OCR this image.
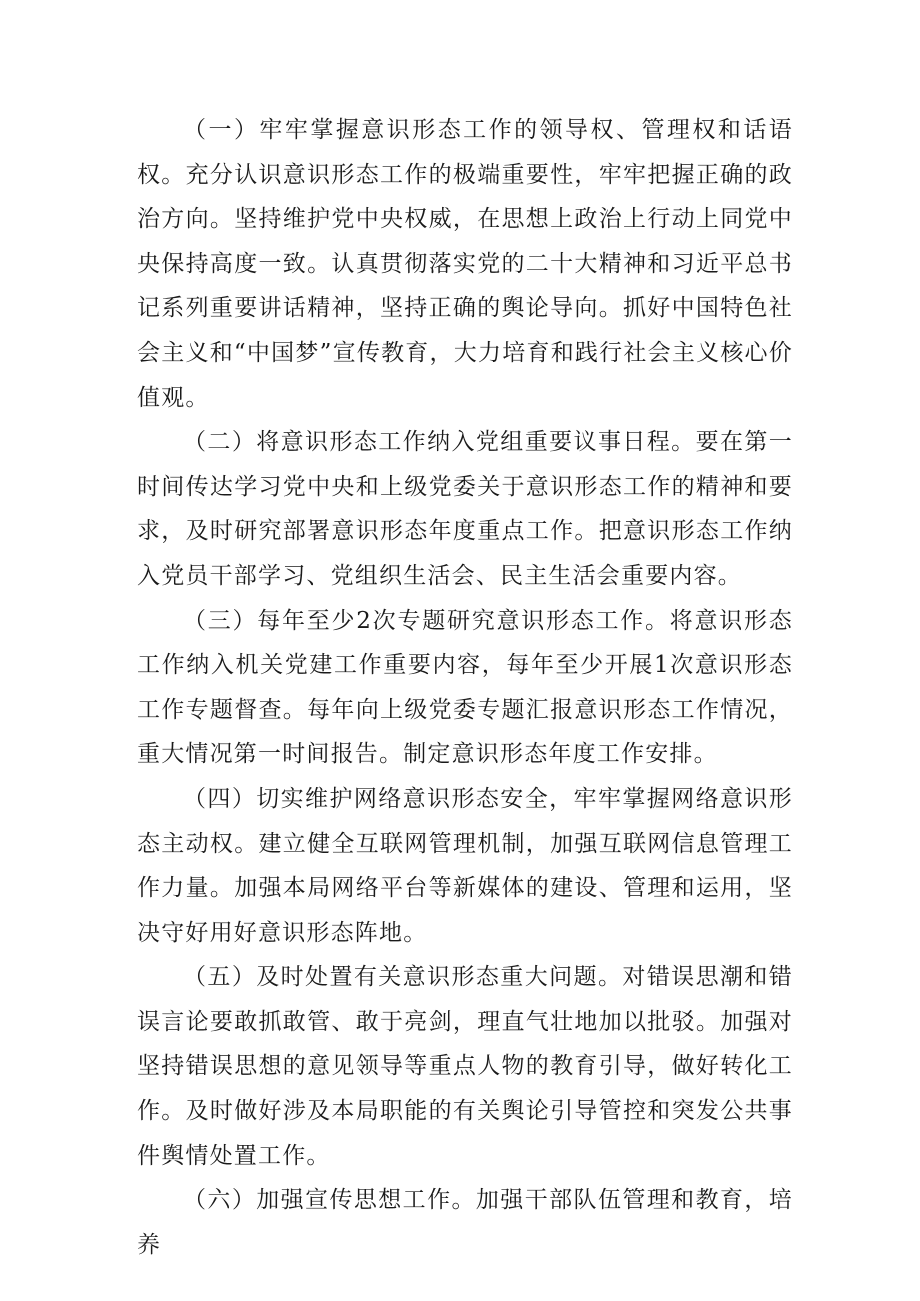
（一）牢牢掌握意识形态工作的领导权、管理权和话语权。充分认识意识形态工作的极端重要性，牢牢把握正确的政治方向。坚持维护党中央权威，在思想上政治上行动上同党中央保持高度一致。认真贯彻落实党的二十大精神和习近平总书记系列重要讲话精神，坚持正确的舆论导向。抓好中国特色社会主义和“中国梦”宣传教育，大力培育和践行社会主义核心价值观。

（二）将意识形态工作纳入党组重要议事日程。要在第一时间传达学习党中央和上级党委关于意识形态工作的精神和要求，及时研究部署意识形态年度重点工作。把意识形态工作纳入党员干部学习、党组织生活会、民主生活会重要内容。

（三）每年至少2次专题研究意识形态工作。将意识形态工作纳入机关党建工作重要内容，每年至少开展1次意识形态工作专题督查。每年向上级党委专题汇报意识形态工作情况，重大情况第一时间报告。制定意识形态年度工作安排。

（四）切实维护网络意识形态安全，牢牢掌握网络意识形态主动权。建立健全互联网管理机制，加强互联网信息管理工作力量。加强本局网络平台等新媒体的建设、管理和运用，坚决守好用好意识形态阵地。

（五）及时处置有关意识形态重大问题。对错误思潮和错误言论要敢抓敢管、敢于亮剑，理直气壮地加以批驳。加强对坚持错误思想的意见领导等重点人物的教育引导，做好转化工作。及时做好涉及本局职能的有关舆论引导管控和突发公共事件舆情处置工作。

（六）加强宣传思想工作。加强干部队伍管理和教育，培养
